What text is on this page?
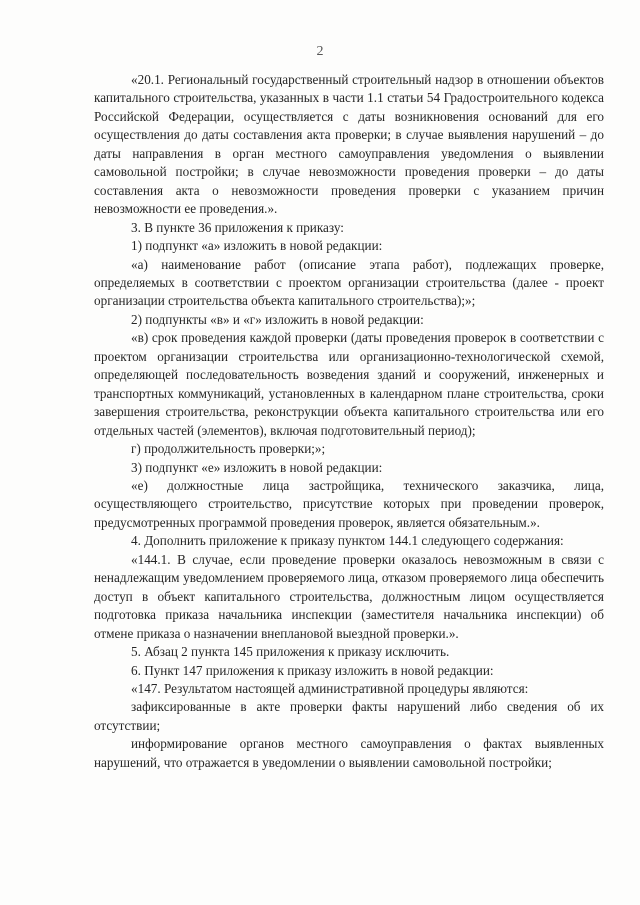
2

«20.1. Региональный государственный строительный надзор в отношении объектов капитального строительства, указанных в части 1.1 статьи 54 Градостроительного кодекса Российской Федерации, осуществляется с даты возникновения оснований для его осуществления до даты составления акта проверки; в случае выявления нарушений – до даты направления в орган местного самоуправления уведомления о выявлении самовольной постройки; в случае невозможности проведения проверки – до даты составления акта о невозможности проведения проверки с указанием причин невозможности ее проведения.».

3. В пункте 36 приложения к приказу:

1) подпункт «а» изложить в новой редакции:

«а) наименование работ (описание этапа работ), подлежащих проверке, определяемых в соответствии с проектом организации строительства (далее - проект организации строительства объекта капитального строительства);»;

2) подпункты «в» и «г» изложить в новой редакции:

«в) срок проведения каждой проверки (даты проведения проверок в соответствии с проектом организации строительства или организационно-технологической схемой, определяющей последовательность возведения зданий и сооружений, инженерных и транспортных коммуникаций, установленных в календарном плане строительства, сроки завершения строительства, реконструкции объекта капитального строительства или его отдельных частей (элементов), включая подготовительный период);

г) продолжительность проверки;»;

3) подпункт «е» изложить в новой редакции:

«е) должностные лица застройщика, технического заказчика, лица, осуществляющего строительство, присутствие которых при проведении проверок, предусмотренных программой проведения проверок, является обязательным.».

4. Дополнить приложение к приказу пунктом 144.1 следующего содержания:

«144.1. В случае, если проведение проверки оказалось невозможным в связи с ненадлежащим уведомлением проверяемого лица, отказом проверяемого лица обеспечить доступ в объект капитального строительства, должностным лицом осуществляется подготовка приказа начальника инспекции (заместителя начальника инспекции) об отмене приказа о назначении внеплановой выездной проверки.».

5. Абзац 2 пункта 145 приложения к приказу исключить.

6. Пункт 147 приложения к приказу изложить в новой редакции:

«147. Результатом настоящей административной процедуры являются:

зафиксированные в акте проверки факты нарушений либо сведения об их отсутствии;

информирование органов местного самоуправления о фактах выявленных нарушений, что отражается в уведомлении о выявлении самовольной постройки;
